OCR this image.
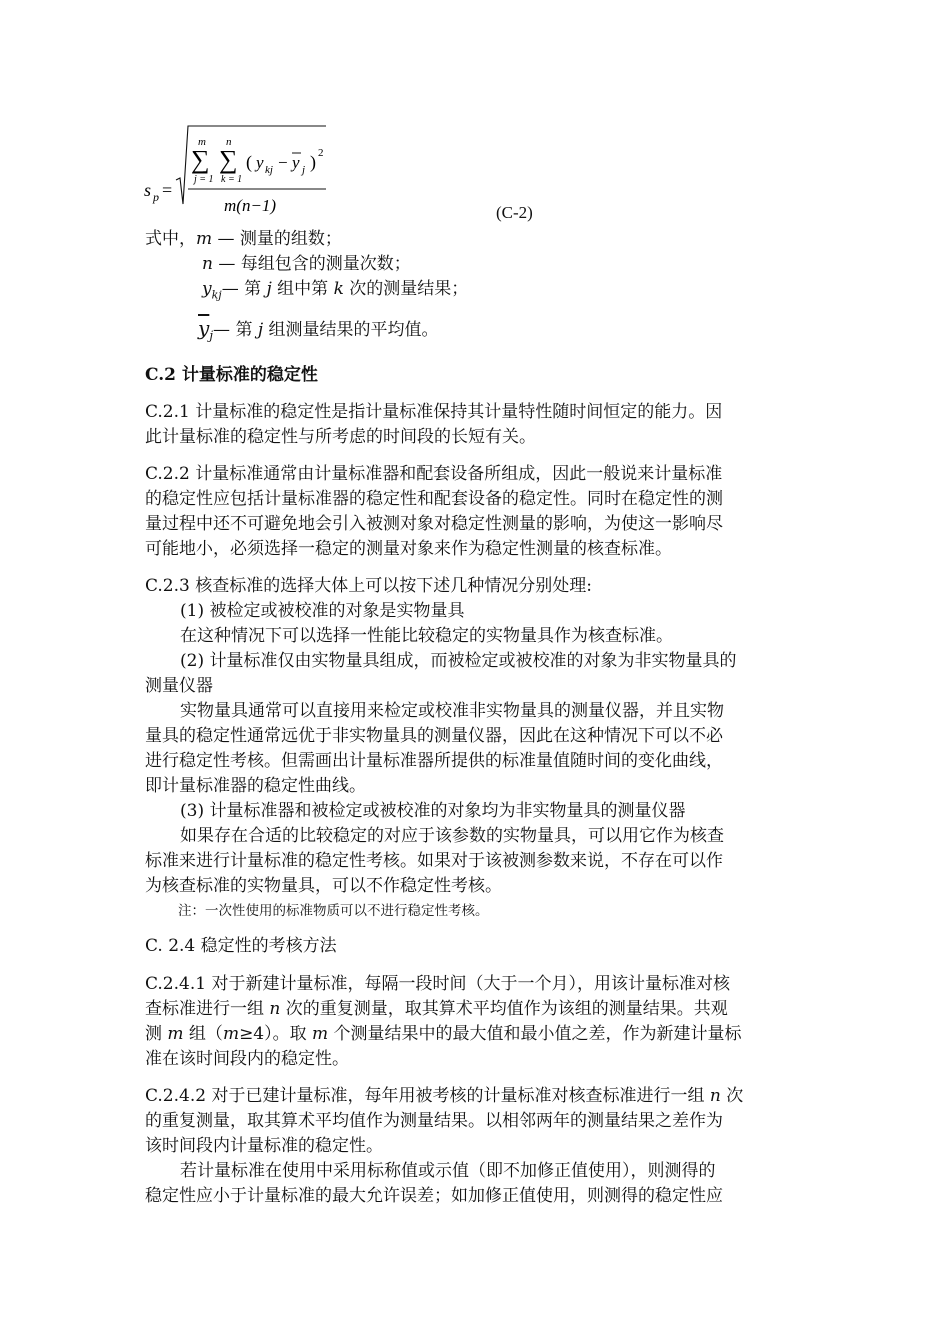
s p =
m
∑
j = 1
n
∑
k = 1
( y kj − y j ) 2
m(n−1)	(C-2)
式中，m — 测量的组数；
n — 每组包含的测量次数；
$y_{kj}—$ 第 j 组中第 k 次的测量结果；
$\overline{y}_j—$ 第 j 组测量结果的平均值。
C.2 计量标准的稳定性
C.2.1 计量标准的稳定性是指计量标准保持其计量特性随时间恒定的能力。因
此计量标准的稳定性与所考虑的时间段的长短有关。
C.2.2 计量标准通常由计量标准器和配套设备所组成，因此一般说来计量标准
的稳定性应包括计量标准器的稳定性和配套设备的稳定性。同时在稳定性的测
量过程中还不可避免地会引入被测对象对稳定性测量的影响，为使这一影响尽
可能地小，必须选择一稳定的测量对象来作为稳定性测量的核查标准。
C.2.3 核查标准的选择大体上可以按下述几种情况分别处理:
(1) 被检定或被校准的对象是实物量具
在这种情况下可以选择一性能比较稳定的实物量具作为核查标准。
(2) 计量标准仅由实物量具组成，而被检定或被校准的对象为非实物量具的
测量仪器
实物量具通常可以直接用来检定或校准非实物量具的测量仪器，并且实物
量具的稳定性通常远优于非实物量具的测量仪器，因此在这种情况下可以不必
进行稳定性考核。但需画出计量标准器所提供的标准量值随时间的变化曲线，
即计量标准器的稳定性曲线。
(3) 计量标准器和被检定或被校准的对象均为非实物量具的测量仪器
如果存在合适的比较稳定的对应于该参数的实物量具，可以用它作为核查
标准来进行计量标准的稳定性考核。如果对于该被测参数来说，不存在可以作
为核查标准的实物量具，可以不作稳定性考核。
注：一次性使用的标准物质可以不进行稳定性考核。
C. 2.4 稳定性的考核方法
C.2.4.1 对于新建计量标准，每隔一段时间（大于一个月），用该计量标准对核
查标准进行一组 n 次的重复测量，取其算术平均值作为该组的测量结果。共观
测 m 组（m≥4）。取 m 个测量结果中的最大值和最小值之差，作为新建计量标
准在该时间段内的稳定性。
C.2.4.2 对于已建计量标准，每年用被考核的计量标准对核查标准进行一组 n 次
的重复测量，取其算术平均值作为测量结果。以相邻两年的测量结果之差作为
该时间段内计量标准的稳定性。
若计量标准在使用中采用标称值或示值（即不加修正值使用），则测得的
稳定性应小于计量标准的最大允许误差；如加修正值使用，则测得的稳定性应
